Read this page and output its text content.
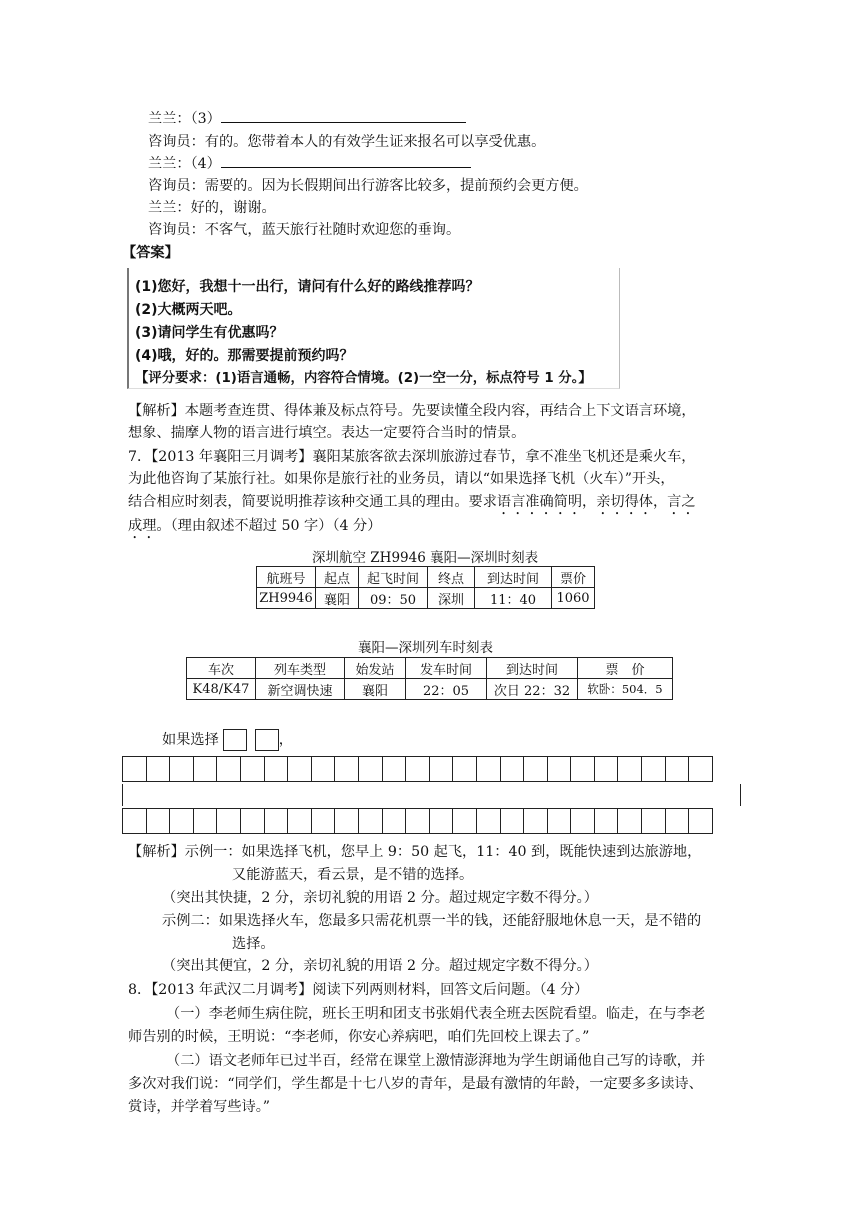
兰兰：（3）
咨询员：有的。您带着本人的有效学生证来报名可以享受优惠。
兰兰：（4）
咨询员：需要的。因为长假期间出行游客比较多，提前预约会更方便。
兰兰：好的，谢谢。
咨询员：不客气，蓝天旅行社随时欢迎您的垂询。
【答案】
(1)您好，我想十一出行，请问有什么好的路线推荐吗？
(2)大概两天吧。
(3)请问学生有优惠吗？
(4)哦，好的。那需要提前预约吗？
【评分要求：(1)语言通畅，内容符合情境。(2)一空一分，标点符号 1 分。】
【解析】本题考查连贯、得体兼及标点符号。先要读懂全段内容，再结合上下文语言环境，
想象、揣摩人物的语言进行填空。表达一定要符合当时的情景。
7．【2013 年襄阳三月调考】襄阳某旅客欲去深圳旅游过春节，拿不准坐飞机还是乘火车，
为此他咨询了某旅行社。如果你是旅行社的业务员，请以“如果选择飞机（火车）”开头，
结合相应时刻表，简要说明推荐该种交通工具的理由。要求语言准确简明，亲切得体，言之
成理。（理由叙述不超过 50 字）（4 分）
深圳航空 ZH9946 襄阳—深圳时刻表
航班号	起点	起飞时间	终点	到达时间	票价
ZH9946	襄阳	09：50	深圳	11：40	1060
襄阳—深圳列车时刻表
车次	列车类型	始发站	发车时间	到达时间	票　价
K48/K47	新空调快速	襄阳	22：05	次日 22：32	软卧：504．5
如果选择	，

【解析】示例一：如果选择飞机，您早上 9：50 起飞，11：40 到，既能快速到达旅游地，
又能游蓝天，看云景，是不错的选择。
（突出其快捷，2 分，亲切礼貌的用语 2 分。超过规定字数不得分。）
示例二：如果选择火车，您最多只需花机票一半的钱，还能舒服地休息一天，是不错的
选择。
（突出其便宜，2 分，亲切礼貌的用语 2 分。超过规定字数不得分。）
8．【2013 年武汉二月调考】阅读下列两则材料，回答文后问题。（4 分）
（一）李老师生病住院，班长王明和团支书张娟代表全班去医院看望。临走，在与李老
师告别的时候，王明说：“李老师，你安心养病吧，咱们先回校上课去了。”
（二）语文老师年已过半百，经常在课堂上激情澎湃地为学生朗诵他自己写的诗歌，并
多次对我们说：“同学们，学生都是十七八岁的青年，是最有激情的年龄，一定要多多读诗、
赏诗，并学着写些诗。”
